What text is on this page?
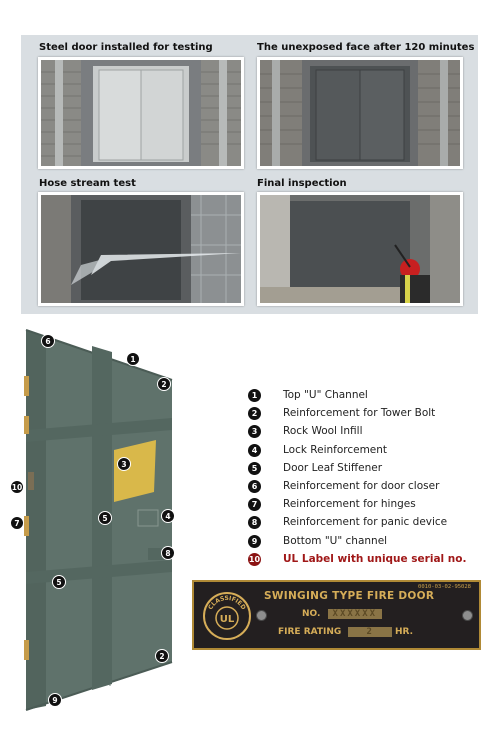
Steel door installed for testing	The unexposed face after 120 minutes
Hose stream test	Final inspection
6
1
2
3
10
7
5	4
8
5
2
9
1	Top "U" Channel
2	Reinforcement for Tower Bolt
3	Rock Wool Infill
4	Lock Reinforcement
5	Door Leaf Stiffener
6	Reinforcement for door closer
7	Reinforcement for hinges
8	Reinforcement for panic device
9	Bottom "U" channel
10 UL Label with unique serial no.
0010-03-02-95028
CLASSIFIED
UL
SWINGING TYPE FIRE DOOR
NO. XXXXXX
FIRE RATING	2 HR.
